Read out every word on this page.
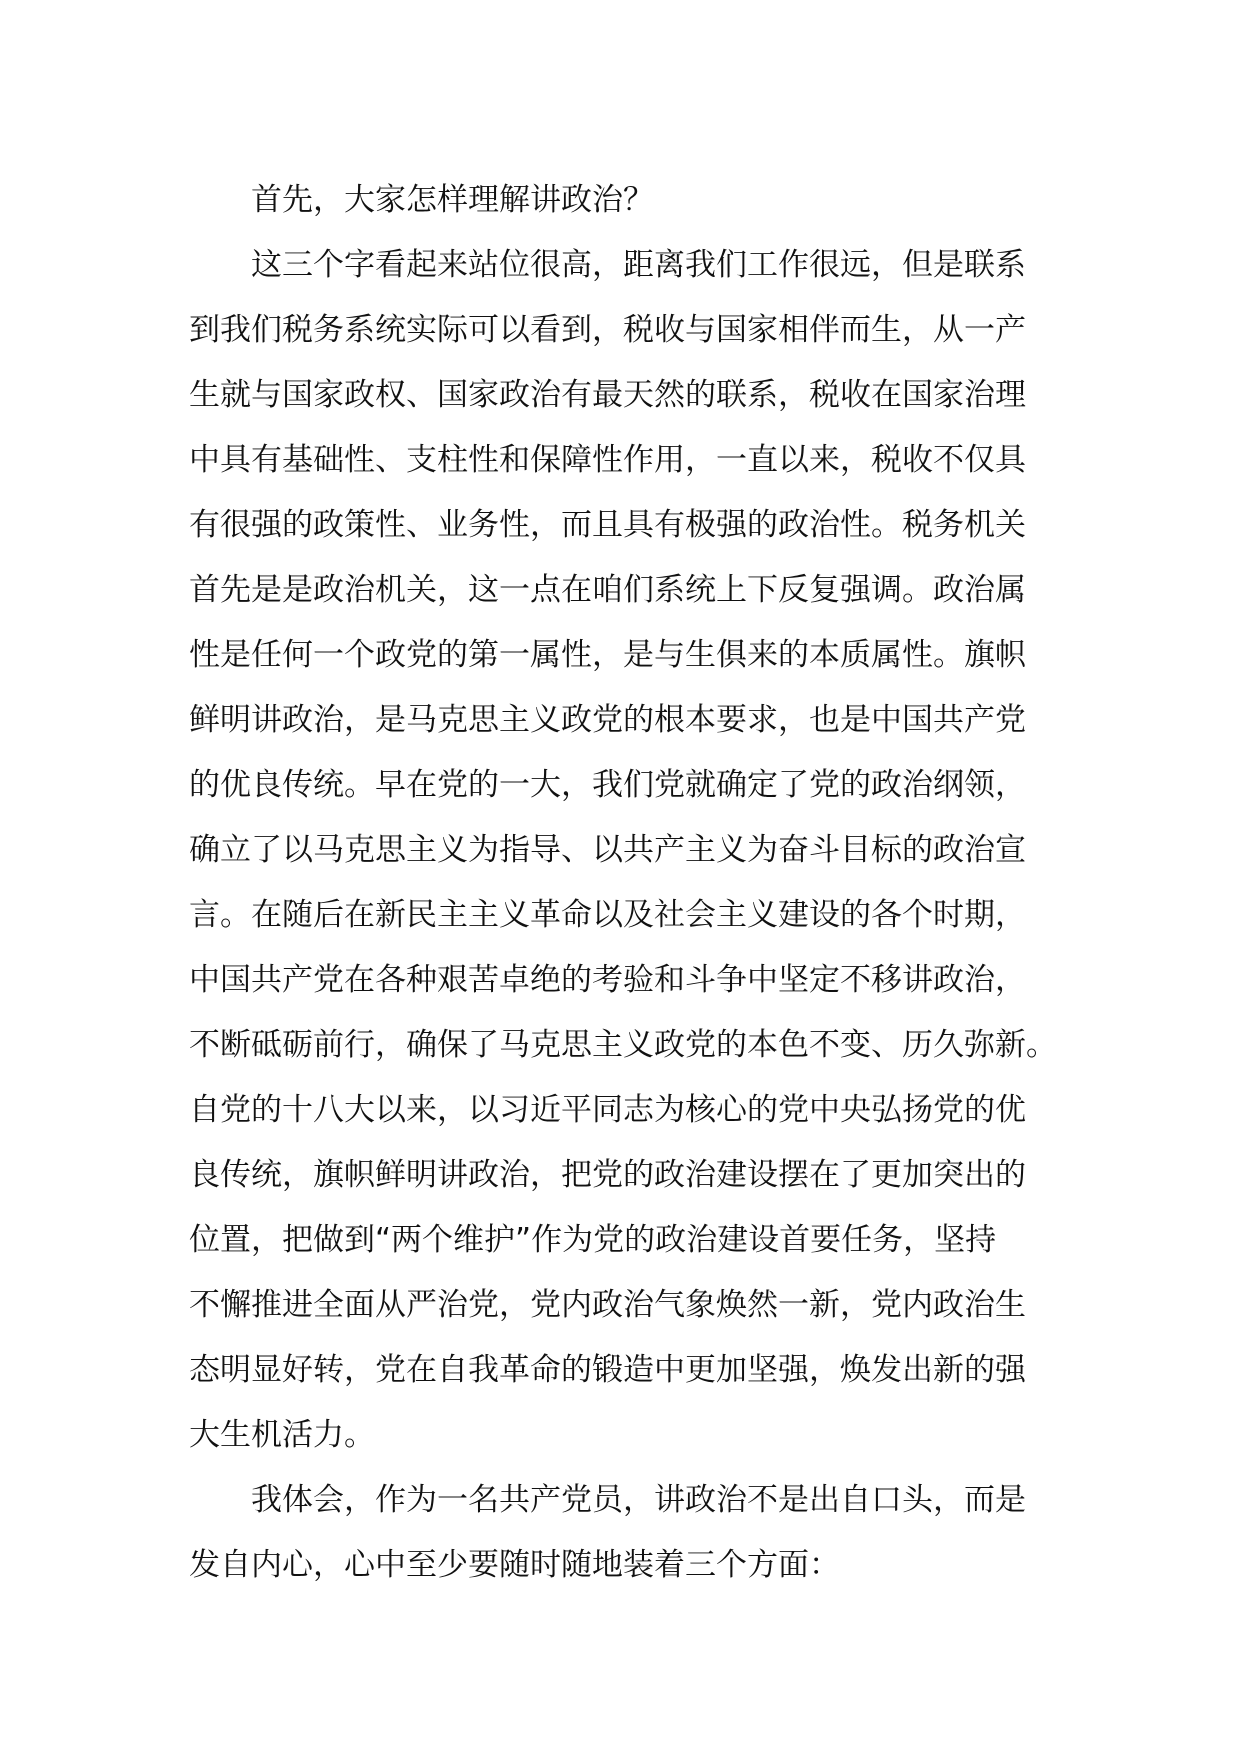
首先，大家怎样理解讲政治？
这三个字看起来站位很高，距离我们工作很远，但是联系
到我们税务系统实际可以看到，税收与国家相伴而生，从一产
生就与国家政权、国家政治有最天然的联系，税收在国家治理
中具有基础性、支柱性和保障性作用，一直以来，税收不仅具
有很强的政策性、业务性，而且具有极强的政治性。税务机关
首先是是政治机关，这一点在咱们系统上下反复强调。政治属
性是任何一个政党的第一属性，是与生俱来的本质属性。旗帜
鲜明讲政治，是马克思主义政党的根本要求，也是中国共产党
的优良传统。早在党的一大，我们党就确定了党的政治纲领，
确立了以马克思主义为指导、以共产主义为奋斗目标的政治宣
言。在随后在新民主主义革命以及社会主义建设的各个时期，
中国共产党在各种艰苦卓绝的考验和斗争中坚定不移讲政治，
不断砥砺前行，确保了马克思主义政党的本色不变、历久弥新。
自党的十八大以来，以习近平同志为核心的党中央弘扬党的优
良传统，旗帜鲜明讲政治，把党的政治建设摆在了更加突出的
位置，把做到“两个维护”作为党的政治建设首要任务，坚持
不懈推进全面从严治党，党内政治气象焕然一新，党内政治生
态明显好转，党在自我革命的锻造中更加坚强，焕发出新的强
大生机活力。
我体会，作为一名共产党员，讲政治不是出自口头，而是
发自内心，心中至少要随时随地装着三个方面：
